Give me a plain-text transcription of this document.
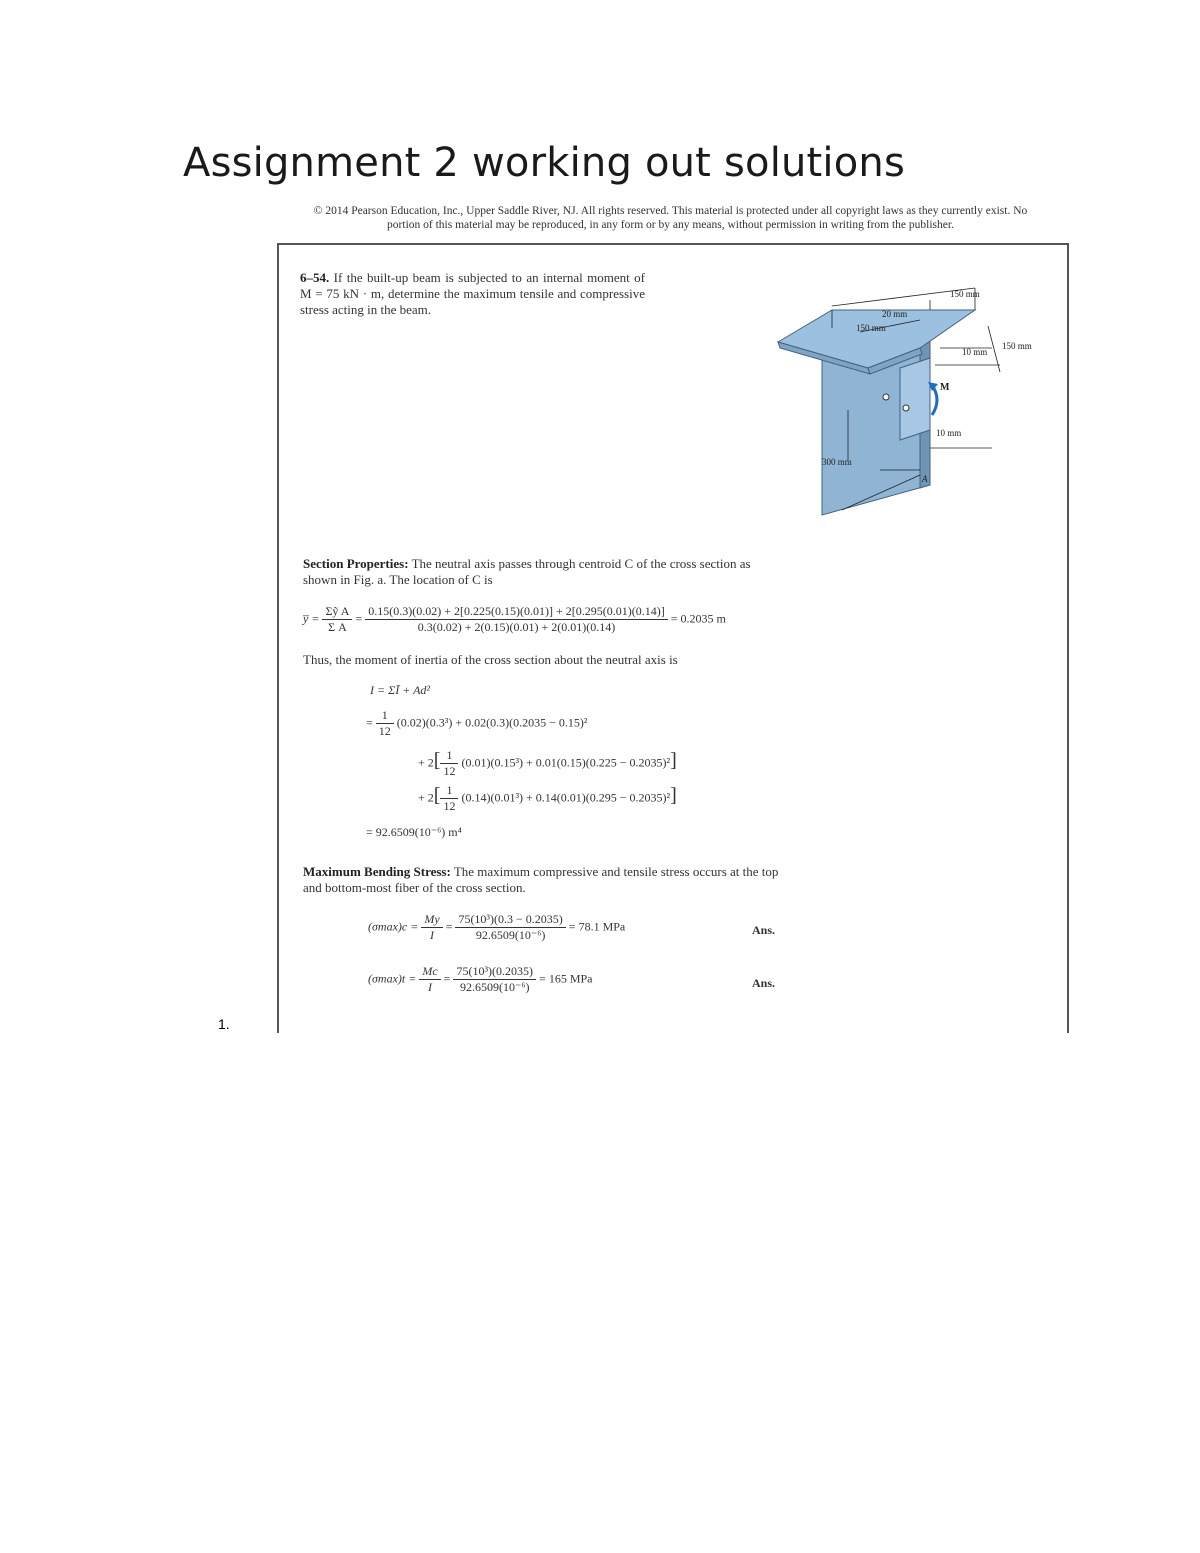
Assignment 2 working out solutions
© 2014 Pearson Education, Inc., Upper Saddle River, NJ. All rights reserved. This material is protected under all copyright laws as they currently exist. No portion of this material may be reproduced, in any form or by any means, without permission in writing from the publisher.
6–54. If the built-up beam is subjected to an internal moment of M = 75 kN · m, determine the maximum tensile and compressive stress acting in the beam.
150 mm
20 mm
150 mm
10 mm
150 mm
M
10 mm
300 mm
A
Section Properties: The neutral axis passes through centroid C of the cross section as shown in Fig. a. The location of C is
y̅ = $\frac{\text{Σỹ A}}{\text{Σ A}}$ =
0.15(0.3)(0.02) + 2[0.225(0.15)(0.01)] + 2[0.295(0.01)(0.14)]
0.3(0.02) + 2(0.15)(0.01) + 2(0.01)(0.14)
= 0.2035 m
Thus, the moment of inertia of the cross section about the neutral axis is
I = ΣĪ + Ad²
= $\frac{1}{12} (0.02)(0.3^3) + 0.02(0.3)(0.2035 - 0.15)^2$
+ $2[ \frac{1}{12} (0.01)(0.15^3) + 0.01(0.15)(0.225 - 0.2035)^2]$
+ $2[ \frac{1}{12} (0.14)(0.01^3) + 0.14(0.01)(0.295 - 0.2035)^2]$
= 92.6509(10⁻⁶) m⁴
Maximum Bending Stress: The maximum compressive and tensile stress occurs at the top and bottom-most fiber of the cross section.
$(\sigma\max)c = \frac{My}{I} = \frac{\text{75(10³)(0.3 − 0.2035)}}{\text{92.6509(10⁻⁶)}} = 78.1$ MPa	Ans.
$(\sigma\max)t = \frac{Mc}{I} = \frac{\text{75(10³)(0.2035)}}{\text{92.6509(10⁻⁶)}} = 165$ MPa	Ans.
1.
